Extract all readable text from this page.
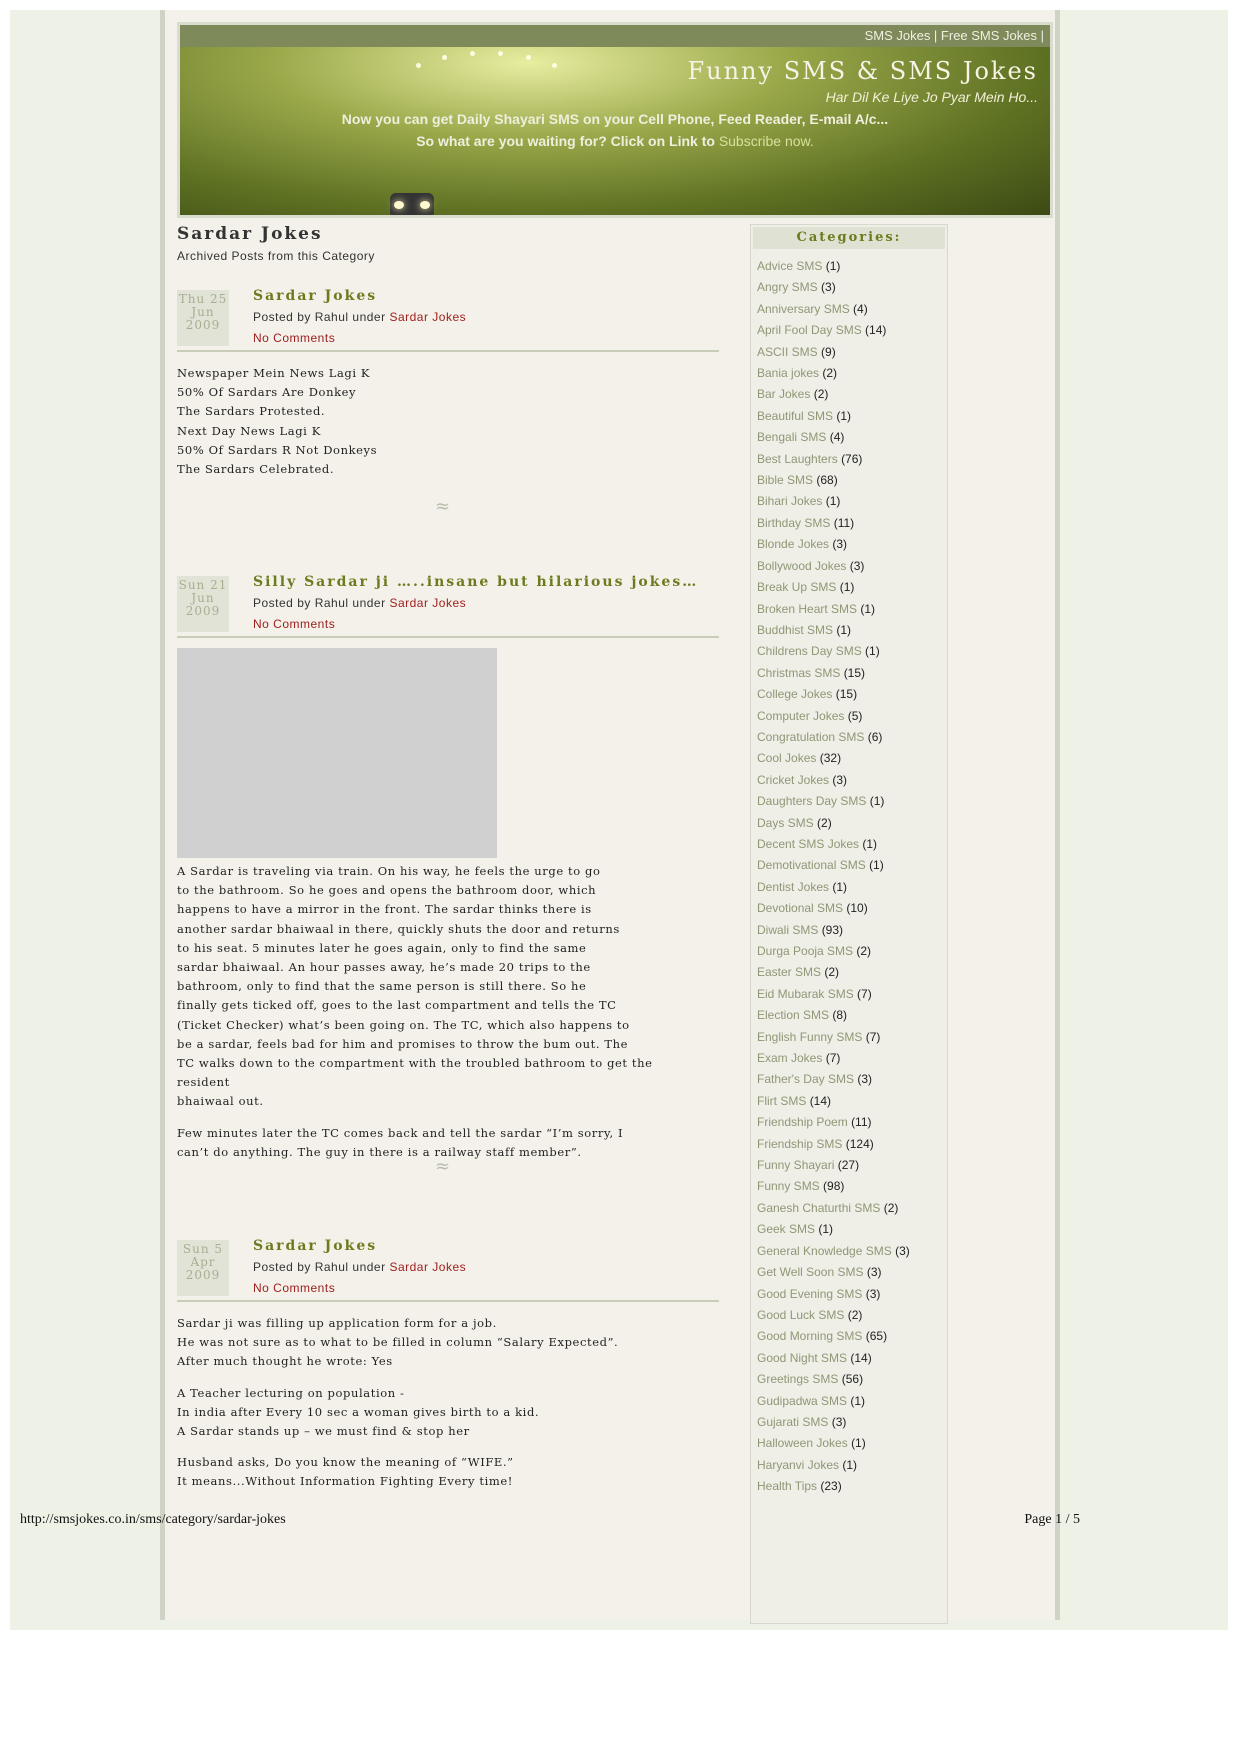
SMS Jokes | Free SMS Jokes |
Funny SMS & SMS Jokes
Har Dil Ke Liye Jo Pyar Mein Ho...
Now you can get Daily Shayari SMS on your Cell Phone, Feed Reader, E-mail A/c...
So what are you waiting for? Click on Link to Subscribe now.
Sardar Jokes
Archived Posts from this Category
Thu 25
Jun
2009
Sardar Jokes
Posted by Rahul under Sardar Jokes
No Comments
Newspaper Mein News Lagi K
50% Of Sardars Are Donkey
The Sardars Protested.
Next Day News Lagi K
50% Of Sardars R Not Donkeys
The Sardars Celebrated.
≈
Sun 21
Jun
2009
Silly Sardar ji …..insane but hilarious jokes…
Posted by Rahul under Sardar Jokes
No Comments
A Sardar is traveling via train. On his way, he feels the urge to go
to the bathroom. So he goes and opens the bathroom door, which
happens to have a mirror in the front. The sardar thinks there is
another sardar bhaiwaal in there, quickly shuts the door and returns
to his seat. 5 minutes later he goes again, only to find the same
sardar bhaiwaal. An hour passes away, he’s made 20 trips to the
bathroom, only to find that the same person is still there. So he
finally gets ticked off, goes to the last compartment and tells the TC
(Ticket Checker) what’s been going on. The TC, which also happens to
be a sardar, feels bad for him and promises to throw the bum out. The
TC walks down to the compartment with the troubled bathroom to get the resident
bhaiwaal out.
Few minutes later the TC comes back and tell the sardar “I’m sorry, I
can’t do anything. The guy in there is a railway staff member”.
≈
Sun 5
Apr
2009
Sardar Jokes
Posted by Rahul under Sardar Jokes
No Comments
Sardar ji was filling up application form for a job.
He was not sure as to what to be filled in column “Salary Expected”.
After much thought he wrote: Yes
A Teacher lecturing on population -
In india after Every 10 sec a woman gives birth to a kid.
A Sardar stands up – we must find & stop her
Husband asks, Do you know the meaning of “WIFE.”
It means...Without Information Fighting Every time!
Categories:
Advice SMS (1)
Angry SMS (3)
Anniversary SMS (4)
April Fool Day SMS (14)
ASCII SMS (9)
Bania jokes (2)
Bar Jokes (2)
Beautiful SMS (1)
Bengali SMS (4)
Best Laughters (76)
Bible SMS (68)
Bihari Jokes (1)
Birthday SMS (11)
Blonde Jokes (3)
Bollywood Jokes (3)
Break Up SMS (1)
Broken Heart SMS (1)
Buddhist SMS (1)
Childrens Day SMS (1)
Christmas SMS (15)
College Jokes (15)
Computer Jokes (5)
Congratulation SMS (6)
Cool Jokes (32)
Cricket Jokes (3)
Daughters Day SMS (1)
Days SMS (2)
Decent SMS Jokes (1)
Demotivational SMS (1)
Dentist Jokes (1)
Devotional SMS (10)
Diwali SMS (93)
Durga Pooja SMS (2)
Easter SMS (2)
Eid Mubarak SMS (7)
Election SMS (8)
English Funny SMS (7)
Exam Jokes (7)
Father's Day SMS (3)
Flirt SMS (14)
Friendship Poem (11)
Friendship SMS (124)
Funny Shayari (27)
Funny SMS (98)
Ganesh Chaturthi SMS (2)
Geek SMS (1)
General Knowledge SMS (3)
Get Well Soon SMS (3)
Good Evening SMS (3)
Good Luck SMS (2)
Good Morning SMS (65)
Good Night SMS (14)
Greetings SMS (56)
Gudipadwa SMS (1)
Gujarati SMS (3)
Halloween Jokes (1)
Haryanvi Jokes (1)
Health Tips (23)
http://smsjokes.co.in/sms/category/sardar-jokes	Page 1 / 5
